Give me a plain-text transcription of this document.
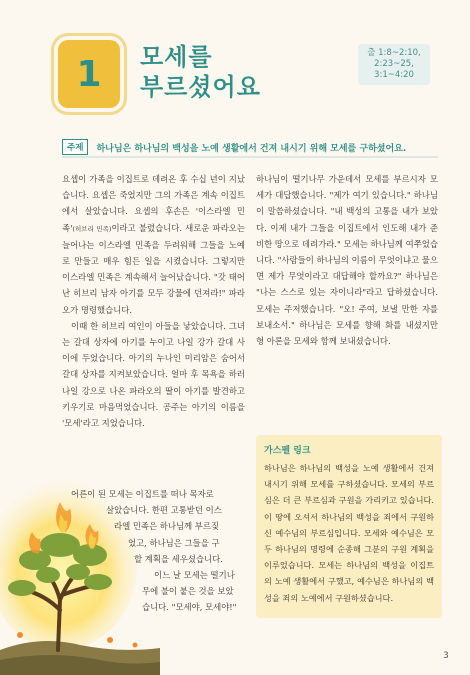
1	모세를
부르셨어요
출 1:8~2:10,
2:23~25,
3:1~4:20
주제	하나님은 하나님의 백성을 노예 생활에서 건져 내시기 위해 모세를 구하셨어요.

요셉이 가족을 이집트로 데려온 후 수십 년이 지났습니다. 요셉은 죽었지만 그의 가족은 계속 이집트에서 살았습니다. 요셉의 후손은 '이스라엘 민족'(히브리 민족)이라고 불렸습니다. 새로운 파라오는 늘어나는 이스라엘 민족을 두려워해 그들을 노예로 만들고 매우 힘든 일을 시켰습니다. 그렇지만 이스라엘 민족은 계속해서 늘어났습니다. "갓 태어난 히브리 남자 아기를 모두 강물에 던져라!" 파라오가 명령했습니다.

이때 한 히브리 여인이 아들을 낳았습니다. 그녀는 갈대 상자에 아기를 누이고 나일 강가 갈대 사이에 두었습니다. 아기의 누나인 미리암은 숨어서 갈대 상자를 지켜보았습니다. 얼마 후 목욕을 하러 나일 강으로 나온 파라오의 딸이 아기를 발견하고 키우기로 마음먹었습니다. 공주는 아기의 이름을 '모세'라고 지었습니다.

어른이 된 모세는 이집트를 떠나 목자로
살았습니다. 한편 고통받던 이스
라엘 민족은 하나님께 부르짖
었고, 하나님은 그들을 구
할 계획을 세우셨습니다.
이느 날 모세는 떨기나
무에 불이 붙은 것을 보았
습니다. "모세야, 모세야!"

하나님이 떨기나무 가운데서 모세를 부르시자 모세가 대답했습니다. "제가 여기 있습니다." 하나님이 말씀하셨습니다. "내 백성의 고통을 내가 보았다. 이제 내가 그들을 이집트에서 인도해 내가 준비한 땅으로 데려가라." 모세는 하나님께 여쭈었습니다. "사람들이 하나님의 이름이 무엇이냐고 물으면 제가 무엇이라고 대답해야 할까요?" 하나님은 "나는 스스로 있는 자이니라"라고 답하셨습니다. 모세는 주저했습니다. "오! 주여, 보낼 만한 자를 보내소서." 하나님은 모세를 향해 화를 내셨지만 형 아론을 모세와 함께 보내셨습니다.

가스펠 링크
하나님은 하나님의 백성을 노예 생활에서 건져 내시기 위해 모세를 구하셨습니다. 모세의 부르심은 더 큰 부르심과 구원을 가리키고 있습니다. 이 땅에 오셔서 하나님의 백성을 죄에서 구원하신 예수님의 부르심입니다. 모세와 예수님은 모두 하나님의 명령에 순종해 그분의 구원 계획을 이루었습니다. 모세는 하나님의 백성을 이집트의 노예 생활에서 구했고, 예수님은 하나님의 백성을 죄의 노예에서 구원하셨습니다.
3
